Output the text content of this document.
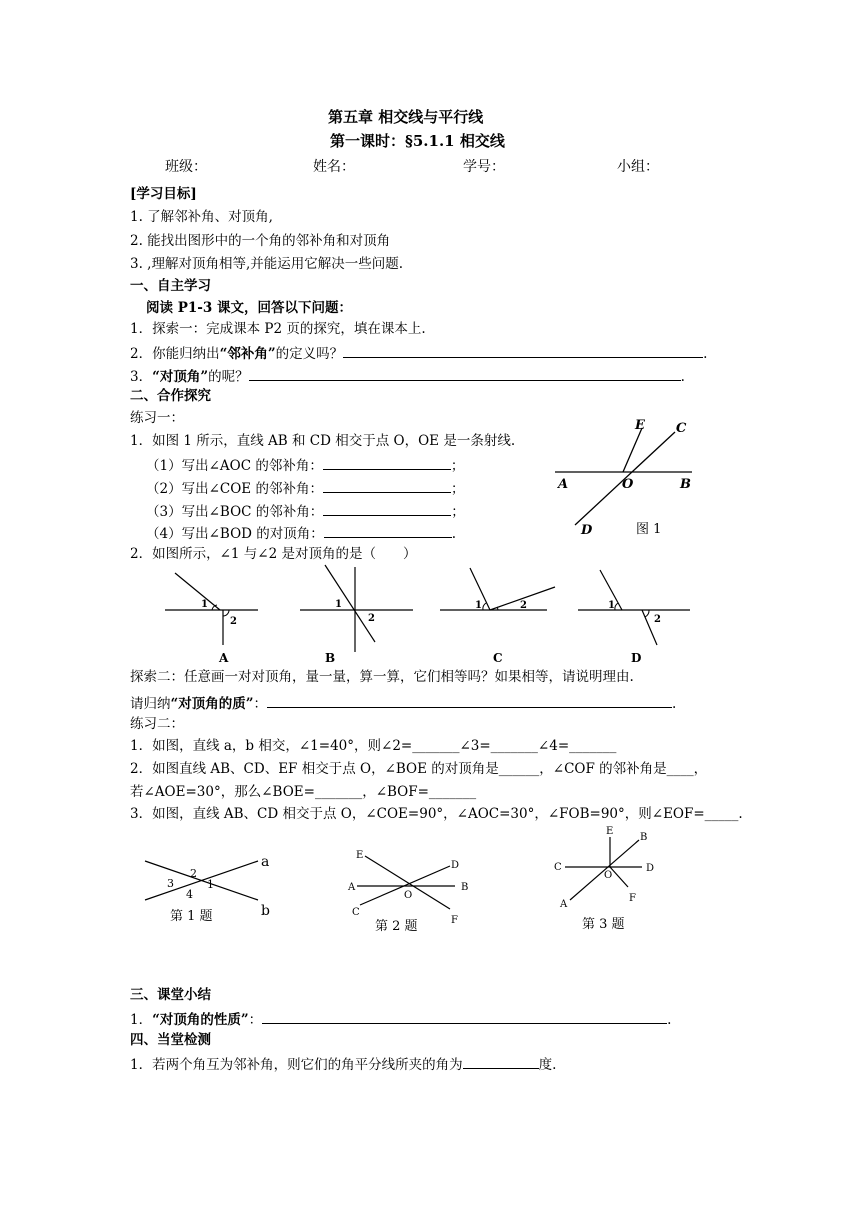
第五章 相交线与平行线
第一课时：§5.1.1 相交线
班级：	姓名：	学号：	小组：
[学习目标]
1. 了解邻补角、对顶角,
2. 能找出图形中的一个角的邻补角和对顶角
3. ,理解对顶角相等,并能运用它解决一些问题.
一、自主学习
阅读 P1-3 课文，回答以下问题：
1．探索一：完成课本 P2 页的探究，填在课本上.
2．你能归纳出“邻补角”的定义吗？	.
3．“对顶角”的呢？	.
二、合作探究
练习一：
1．如图 1 所示，直线 AB 和 CD 相交于点 O，OE 是一条射线.
（1）写出∠AOC 的邻补角：	；
（2）写出∠COE 的邻补角：	；
（3）写出∠BOC 的邻补角：	；
（4）写出∠BOD 的对顶角：	.
E C
A	O	B
D	图 1
2．如图所示，∠1 与∠2 是对顶角的是（　　）
1
2
A
1
2
B
1	2
C
1
2
D
探索二：任意画一对对顶角，量一量，算一算，它们相等吗？如果相等，请说明理由.
请归纳“对顶角的质”：	.
练习二：
1．如图，直线 a，b 相交，∠1=40°，则∠2=_______∠3=_______∠4=_______
2．如图直线 AB、CD、EF 相交于点 O，∠BOE 的对顶角是______，∠COF 的邻补角是____，
若∠AOE=30°，那么∠BOE=_______，∠BOF=_______
3．如图，直线 AB、CD 相交于点 O，∠COE=90°，∠AOC=30°，∠FOB=90°，则∠EOF=_____.
a
b
2
3	1
4
第 1 题
E
D
A
O
B
C
F
第 2 题
E
B
C
O
D
A
F
第 3 题
三、课堂小结
1．“对顶角的性质”：	.
四、当堂检测
1．若两个角互为邻补角，则它们的角平分线所夹的角为	度.
